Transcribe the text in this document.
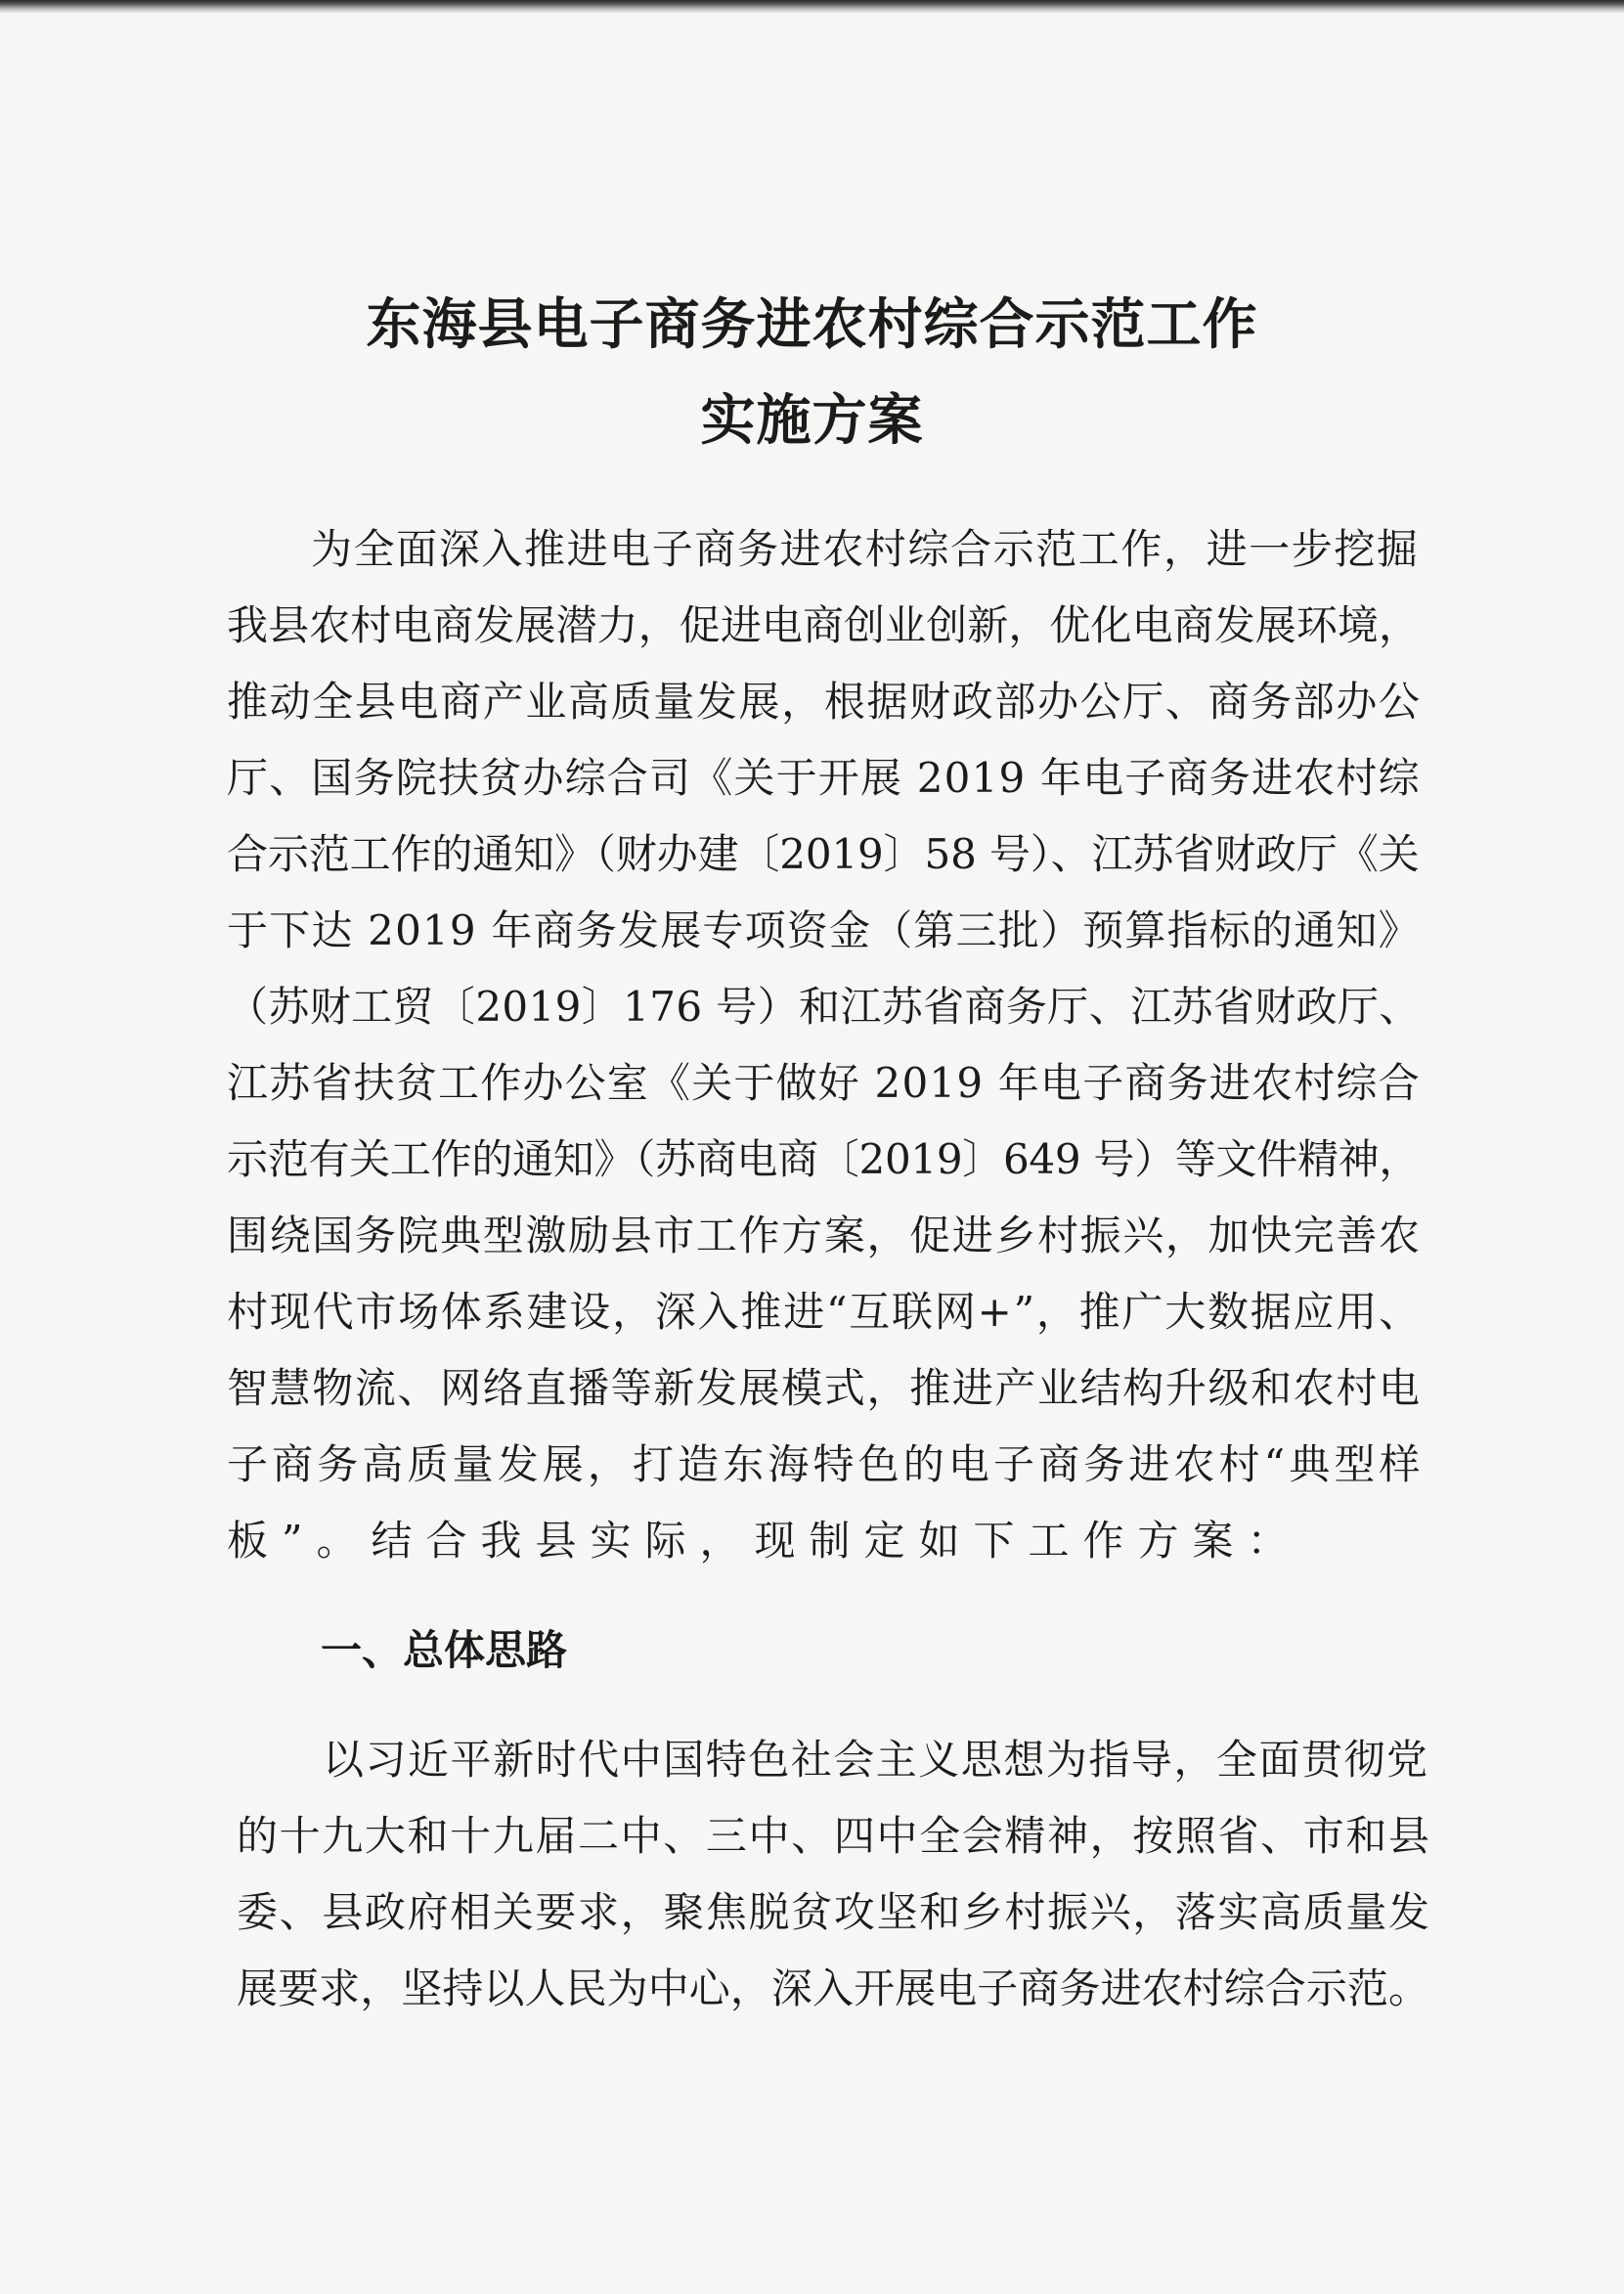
东海县电子商务进农村综合示范工作
实施方案
为全面深入推进电子商务进农村综合示范工作，进一步挖掘
我县农村电商发展潜力，促进电商创业创新，优化电商发展环境，
推动全县电商产业高质量发展，根据财政部办公厅、商务部办公
厅、国务院扶贫办综合司《关于开展 2019 年电子商务进农村综
合示范工作的通知》（财办建〔2019〕58 号）、江苏省财政厅《关
于下达 2019 年商务发展专项资金（第三批）预算指标的通知》
（苏财工贸〔2019〕176 号）和江苏省商务厅、江苏省财政厅、
江苏省扶贫工作办公室《关于做好 2019 年电子商务进农村综合
示范有关工作的通知》（苏商电商〔2019〕649 号）等文件精神，
围绕国务院典型激励县市工作方案，促进乡村振兴，加快完善农
村现代市场体系建设，深入推进“互联网+”，推广大数据应用、
智慧物流、网络直播等新发展模式，推进产业结构升级和农村电
子商务高质量发展，打造东海特色的电子商务进农村“典型样
板”。结合我县实际，现制定如下工作方案：
一、总体思路
以习近平新时代中国特色社会主义思想为指导，全面贯彻党
的十九大和十九届二中、三中、四中全会精神，按照省、市和县
委、县政府相关要求，聚焦脱贫攻坚和乡村振兴，落实高质量发
展要求，坚持以人民为中心，深入开展电子商务进农村综合示范。
